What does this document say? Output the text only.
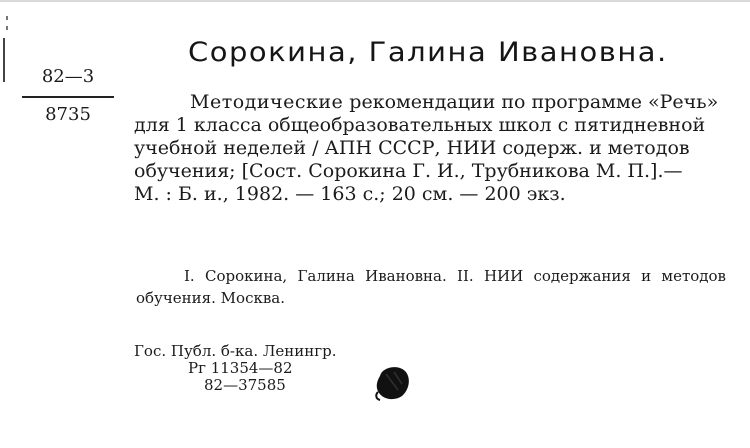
Сорокина, Галина Ивановна.
82—3
8735
Методические рекомендации по программе «Речь»
для 1 класса общеобразовательных школ с пятидневной
учебной неделей / АПН СССР, НИИ содерж. и методов
обучения; [Сост. Сорокина Г. И., Трубникова М. П.].—
М. : Б. и., 1982. — 163 с.; 20 см. — 200 экз.
I. Сорокина, Галина Ивановна. II. НИИ содержания и методов обучения. Москва.
Гос. Публ. б-ка. Ленингр.
Рг 11354—82
82—37585
